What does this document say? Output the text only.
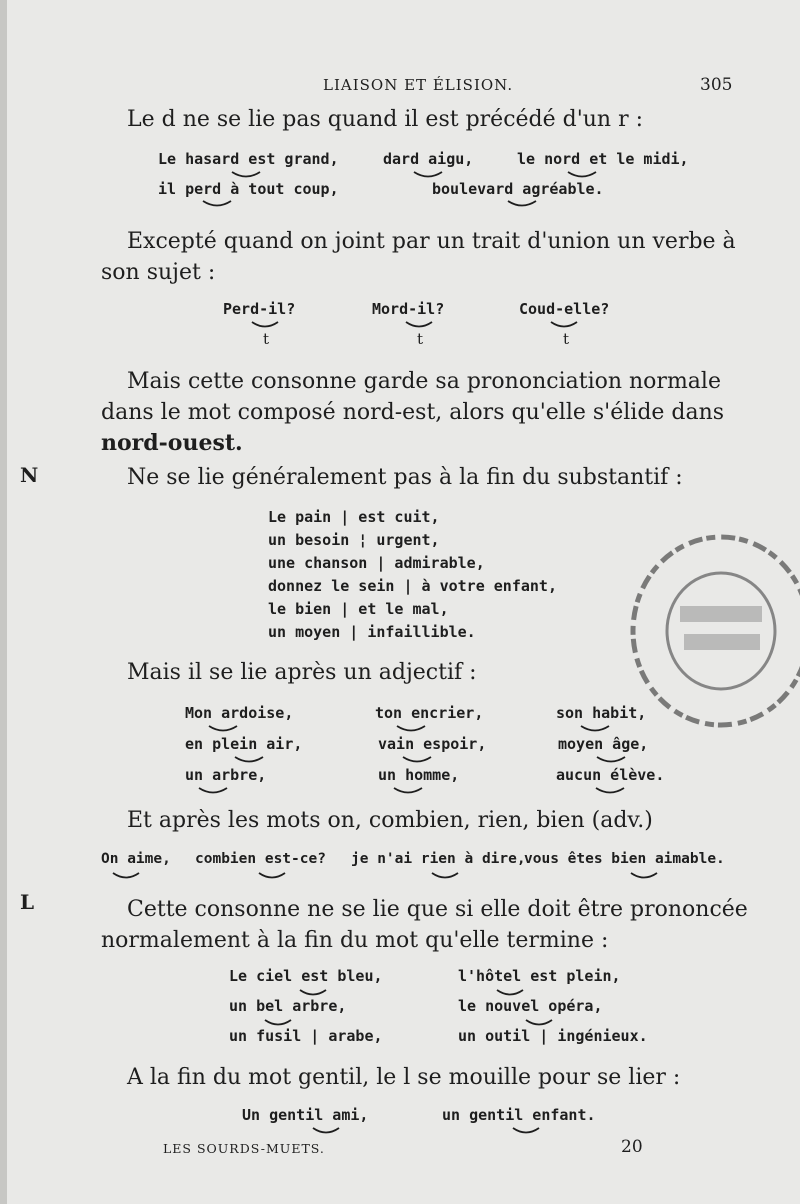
LIAISON ET ÉLISION.	305
Le d ne se lie pas quand il est précédé d'un r :
Le hasard est grand,	dard aigu,	le nord et le midi,
il perd à tout coup,	boulevard agréable.
Excepté quand on joint par un trait d'union un verbe à
son sujet :
Perd-il?	Mord-il?	Coud-elle?
t	t	t
Mais cette consonne garde sa prononciation normale
dans le mot composé nord-est, alors qu'elle s'élide dans
nord-ouest.
N	Ne se lie généralement pas à la fin du substantif :
Le pain | est cuit,
un besoin ¦ urgent,
une chanson | admirable,
donnez le sein | à votre enfant,
le bien | et le mal,
un moyen | infaillible.
Mais il se lie après un adjectif :
Mon ardoise,	ton encrier,	son habit,
en plein air,	vain espoir,	moyen âge,
un arbre,	un homme,	aucun élève.
Et après les mots on, combien, rien, bien (adv.)
On aime, combien est-ce? je n'ai rien à dire,
vous êtes bien aimable.
L	Cette consonne ne se lie que si elle doit être prononcée
normalement à la fin du mot qu'elle termine :
Le ciel est bleu,	l'hôtel est plein,
un bel arbre,	le nouvel opéra,
un fusil | arabe,	un outil | ingénieux.
A la fin du mot gentil, le l se mouille pour se lier :
Un gentil ami,	un gentil enfant.
LES SOURDS-MUETS.	20
